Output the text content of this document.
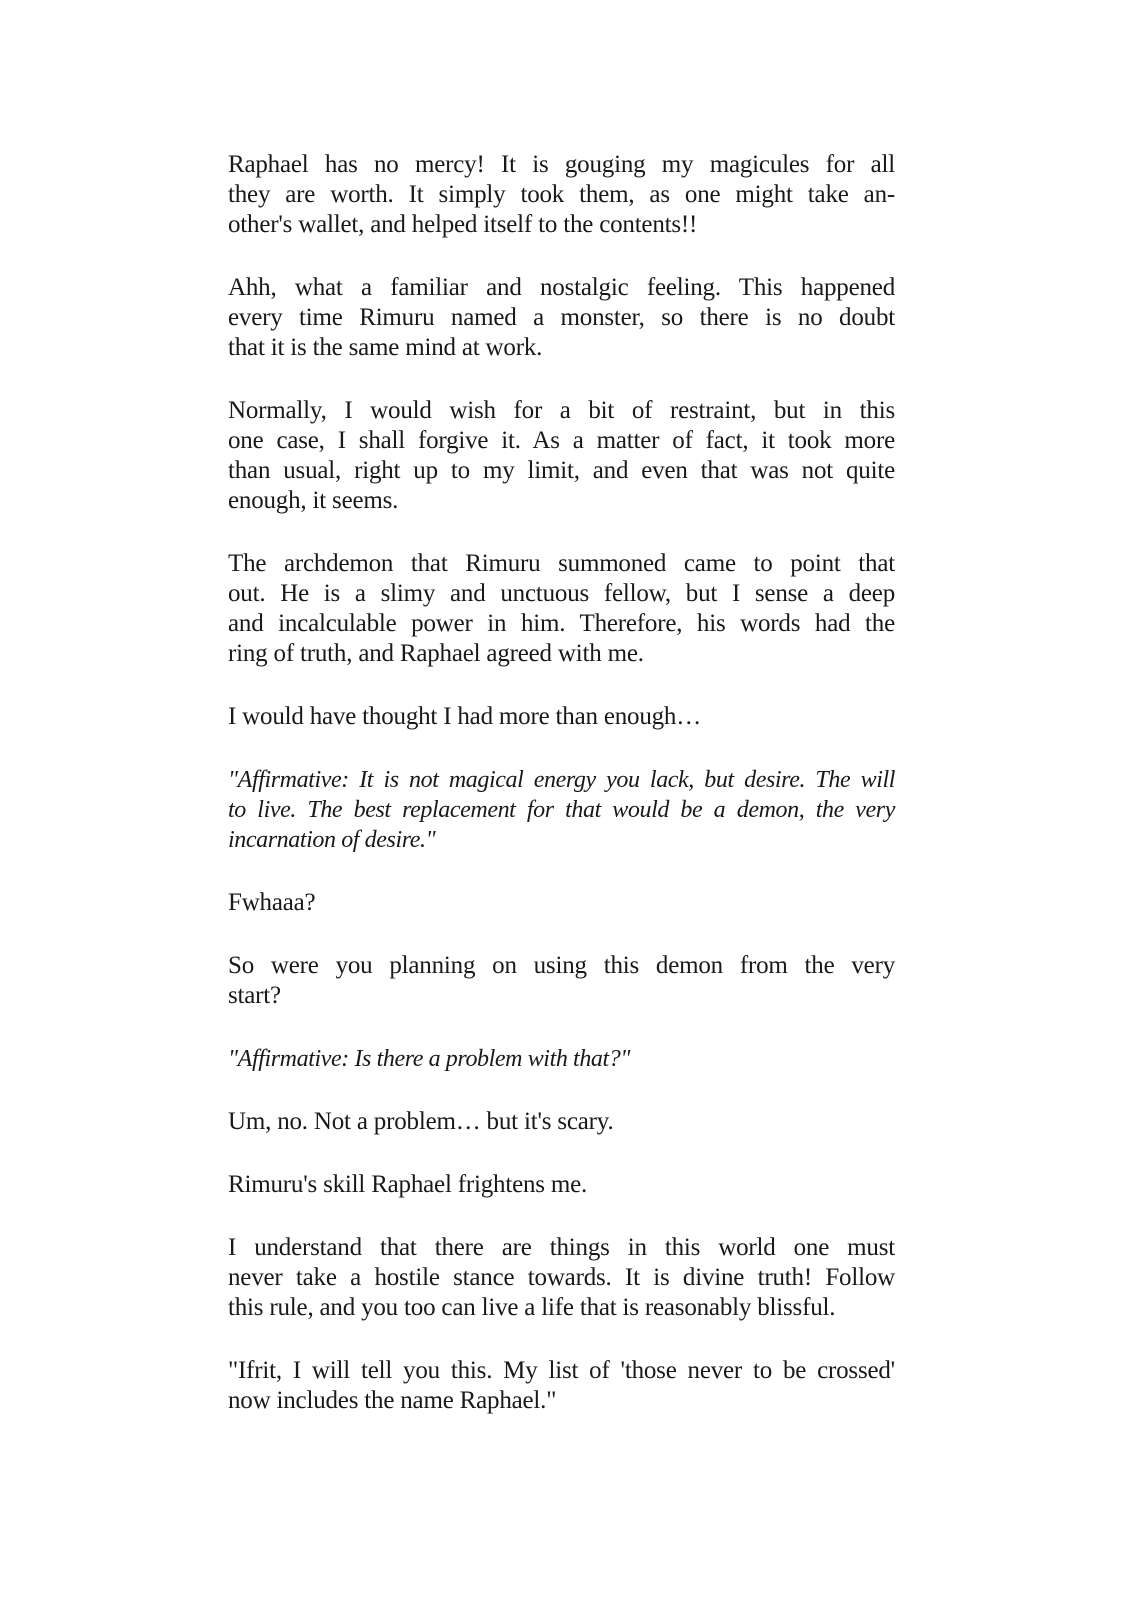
Raphael has no mercy! It is gouging my magicules for all
they are worth. It simply took them, as one might take an-
other's wallet, and helped itself to the contents!!

Ahh, what a familiar and nostalgic feeling. This happened
every time Rimuru named a monster, so there is no doubt
that it is the same mind at work.

Normally, I would wish for a bit of restraint, but in this
one case, I shall forgive it. As a matter of fact, it took more
than usual, right up to my limit, and even that was not quite
enough, it seems.

The archdemon that Rimuru summoned came to point that
out. He is a slimy and unctuous fellow, but I sense a deep
and incalculable power in him. Therefore, his words had the
ring of truth, and Raphael agreed with me.

I would have thought I had more than enough…

"Affirmative: It is not magical energy you lack, but desire. The will
to live. The best replacement for that would be a demon, the very
incarnation of desire."

Fwhaaa?

So were you planning on using this demon from the very
start?

"Affirmative: Is there a problem with that?"

Um, no. Not a problem… but it's scary.

Rimuru's skill Raphael frightens me.

I understand that there are things in this world one must
never take a hostile stance towards. It is divine truth! Follow
this rule, and you too can live a life that is reasonably blissful.

"Ifrit, I will tell you this. My list of 'those never to be crossed'
now includes the name Raphael."
